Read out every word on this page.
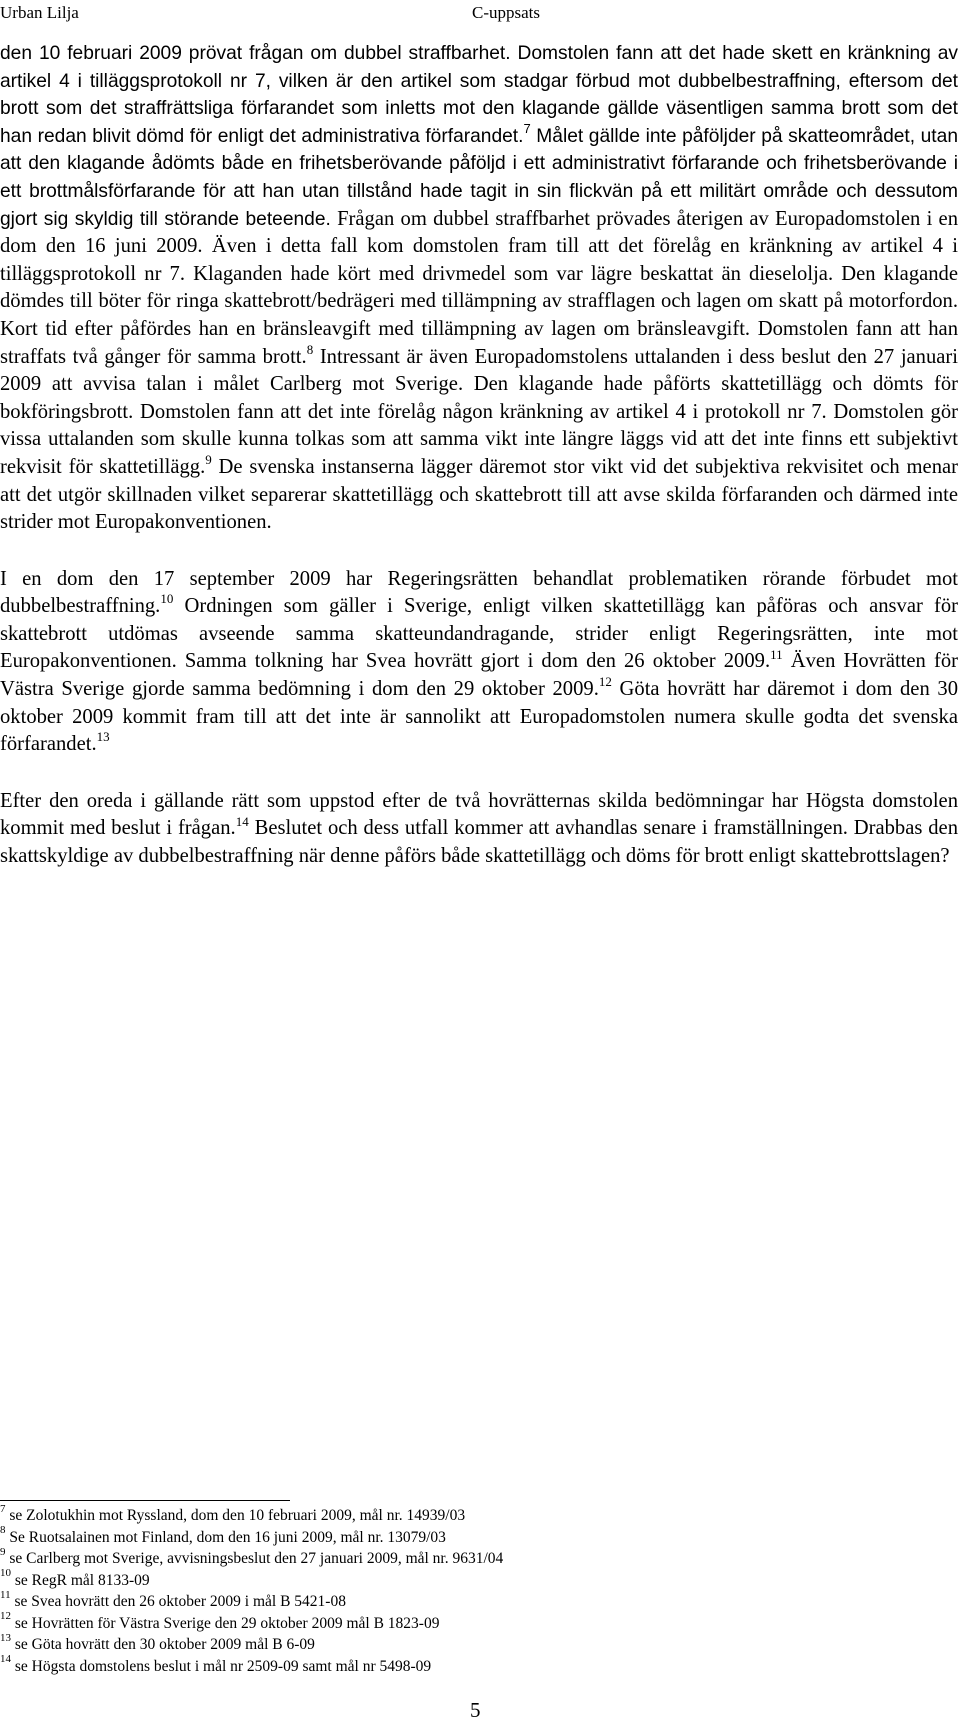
Urban Lilja	C-uppsats

den 10 februari 2009 prövat frågan om dubbel straffbarhet. Domstolen fann att det hade skett en kränkning av artikel 4 i tilläggsprotokoll nr 7, vilken är den artikel som stadgar förbud mot dubbelbestraffning, eftersom det brott som det straffrättsliga förfarandet som inletts mot den klagande gällde väsentligen samma brott som det han redan blivit dömd för enligt det administrativa förfarandet.$^7$ Målet gällde inte påföljder på skatteområdet, utan att den klagande ådömts både en frihetsberövande påföljd i ett administrativt förfarande och frihetsberövande i ett brottmålsförfarande för att han utan tillstånd hade tagit in sin flickvän på ett militärt område och dessutom gjort sig skyldig till störande beteende. Frågan om dubbel straffbarhet prövades återigen av Europadomstolen i en dom den 16 juni 2009. Även i detta fall kom domstolen fram till att det förelåg en kränkning av artikel 4 i tilläggsprotokoll nr 7. Klaganden hade kört med drivmedel som var lägre beskattat än dieselolja. Den klagande dömdes till böter för ringa skattebrott/bedrägeri med tillämpning av strafflagen och lagen om skatt på motorfordon. Kort tid efter påfördes han en bränsleavgift med tillämpning av lagen om bränsleavgift. Domstolen fann att han straffats två gånger för samma brott.$^8$ Intressant är även Europadomstolens uttalanden i dess beslut den 27 januari 2009 att avvisa talan i målet Carlberg mot Sverige. Den klagande hade påförts skattetillägg och dömts för bokföringsbrott. Domstolen fann att det inte förelåg någon kränkning av artikel 4 i protokoll nr 7. Domstolen gör vissa uttalanden som skulle kunna tolkas som att samma vikt inte längre läggs vid att det inte finns ett subjektivt rekvisit för skattetillägg.$^9$ De svenska instanserna lägger däremot stor vikt vid det subjektiva rekvisitet och menar att det utgör skillnaden vilket separerar skattetillägg och skattebrott till att avse skilda förfaranden och därmed inte strider mot Europakonventionen.

I en dom den 17 september 2009 har Regeringsrätten behandlat problematiken rörande förbudet mot dubbelbestraffning.$^{10}$ Ordningen som gäller i Sverige, enligt vilken skattetillägg kan påföras och ansvar för skattebrott utdömas avseende samma skatteundandragande, strider enligt Regeringsrätten, inte mot Europakonventionen. Samma tolkning har Svea hovrätt gjort i dom den 26 oktober 2009.11 Även Hovrätten för Västra Sverige gjorde samma bedömning i dom den 29 oktober 2009.12 Göta hovrätt har däremot i dom den 30 oktober 2009 kommit fram till att det inte är sannolikt att Europadomstolen numera skulle godta det svenska förfarandet.$^{13}$

Efter den oreda i gällande rätt som uppstod efter de två hovrätternas skilda bedömningar har Högsta domstolen kommit med beslut i frågan.$^{14}$ Beslutet och dess utfall kommer att avhandlas senare i framställningen. Drabbas den skattskyldige av dubbelbestraffning när denne påförs både skattetillägg och döms för brott enligt skattebrottslagen?

$^7$ se Zolotukhin mot Ryssland, dom den 10 februari 2009, mål nr. 14939/03
$^8$ Se Ruotsalainen mot Finland, dom den 16 juni 2009, mål nr. 13079/03
$^9$ se Carlberg mot Sverige, avvisningsbeslut den 27 januari 2009, mål nr. 9631/04
$^{10}$ se RegR mål 8133-09
$^{11}$ se Svea hovrätt den 26 oktober 2009 i mål B 5421-08
$^{12}$ se Hovrätten för Västra Sverige den 29 oktober 2009 mål B 1823-09
$^{13}$ se Göta hovrätt den 30 oktober 2009 mål B 6-09
$^{14}$ se Högsta domstolens beslut i mål nr 2509-09 samt mål nr 5498-09
5
